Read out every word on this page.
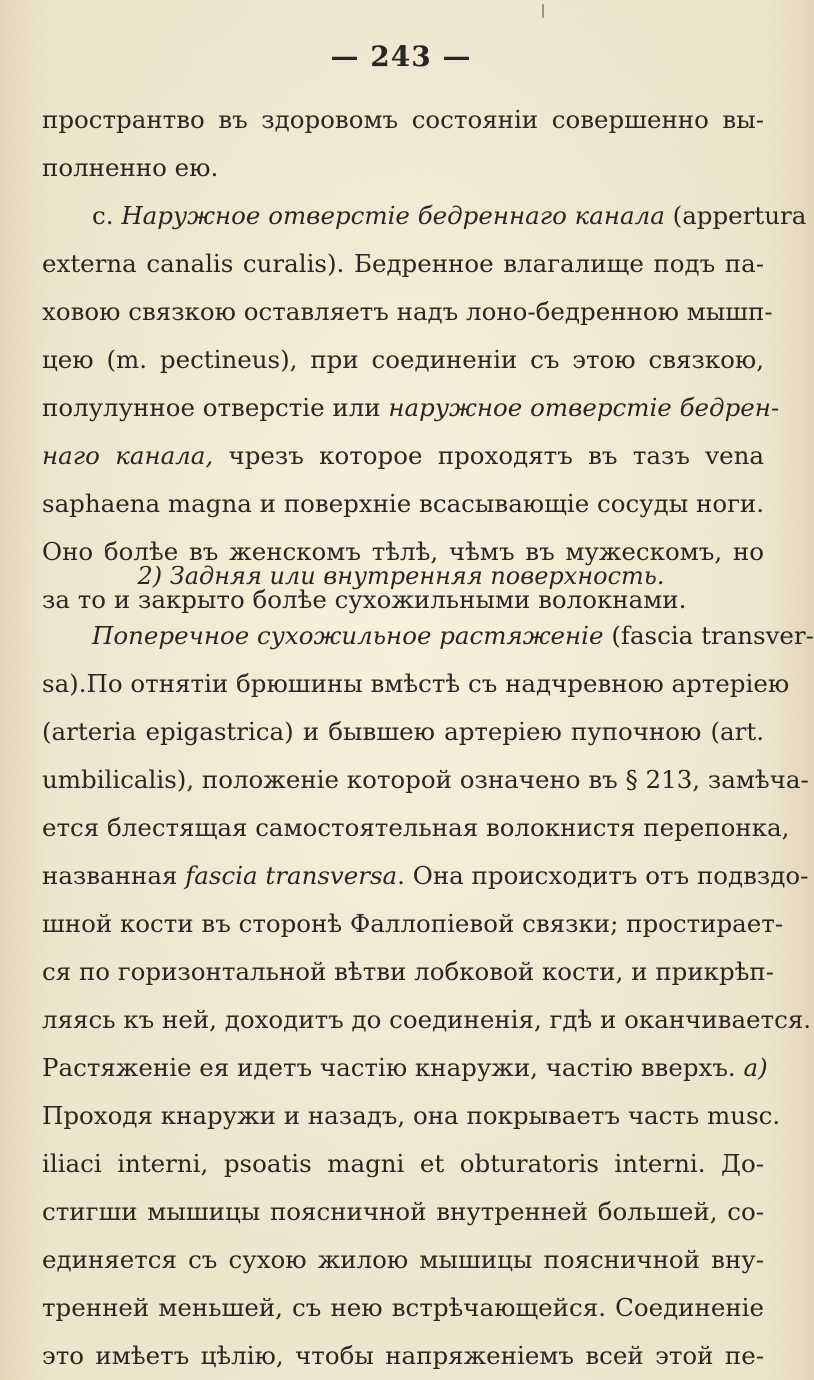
— 243 —
пространтво въ здоровомъ состояніи совершенно вы-
полненно ею.
c. Наружное отверстіе бедреннаго канала (appertura
externa canalis curalis). Бедренное влагалище подъ па-
ховою связкою оставляетъ надъ лоно-бедренною мышп-
цею (m. pectineus), при соединеніи съ этою связкою,
полулунное отверстіе или наружное отверстіе бедрен-
наго канала, чрезъ которое проходятъ въ тазъ vena
saphaena magna и поверхніе всасывающіе сосуды ноги.
Оно болѣе въ женскомъ тѣлѣ, чѣмъ въ мужескомъ, но
за то и закрыто болѣе сухожильными волокнами.
2) Задняя или внутренняя поверхность.
Поперечное сухожильное растяженіе (fascia transver-
sa).По отнятіи брюшины вмѣстѣ съ надчревною артеріею
(arteria epigastrica) и бывшею артеріею пупочною (art.
umbilicalis), положеніе которой означено въ § 213, замѣча-
ется блестящая самостоятельная волокнистя перепонка,
названная fascia transversa. Она происходитъ отъ подвздо-
шной кости въ сторонѣ Фаллопіевой связки; простирает-
ся по горизонтальной вѣтви лобковой кости, и прикрѣп-
ляясь къ ней, доходитъ до соединенія, гдѣ и оканчивается.
Растяженіе ея идетъ частію кнаружи, частію вверхъ. a)
Проходя кнаружи и назадъ, она покрываетъ часть musc.
iliaci interni, psoatis magni et obturatoris interni. До-
стигши мышицы поясничной внутренней большей, со-
единяется съ сухою жилою мышицы поясничной вну-
тренней меньшей, съ нею встрѣчающейся. Соединеніе
это имѣетъ цѣлію, чтобы напряженіемъ всей этой пе-
